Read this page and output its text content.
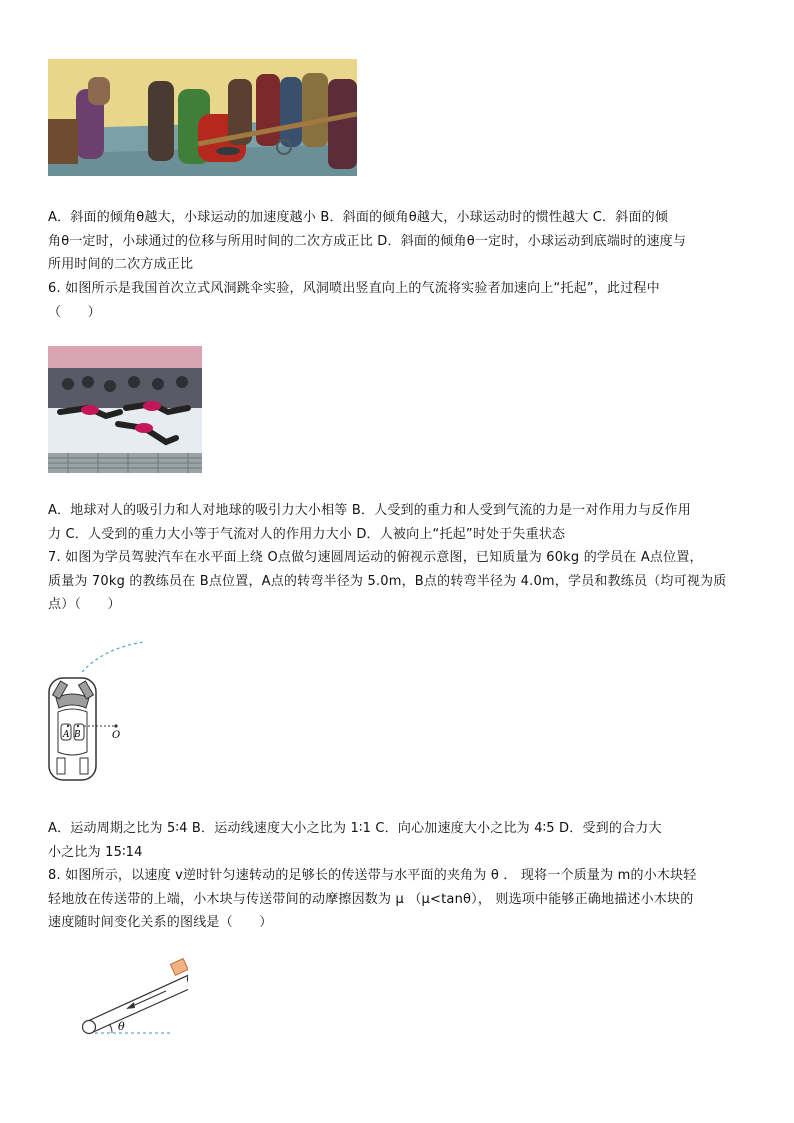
A．斜面的倾角θ越大，小球运动的加速度越小 B．斜面的倾角θ越大，小球运动时的惯性越大 C．斜面的倾
角θ一定时，小球通过的位移与所用时间的二次方成正比 D．斜面的倾角θ一定时，小球运动到底端时的速度与
所用时间的二次方成正比
6. 如图所示是我国首次立式风洞跳伞实验，风洞喷出竖直向上的气流将实验者加速向上“托起”，此过程中
（　　）
A．地球对人的吸引力和人对地球的吸引力大小相等 B．人受到的重力和人受到气流的力是一对作用力与反作用
力 C．人受到的重力大小等于气流对人的作用力大小 D．人被向上“托起”时处于失重状态
7. 如图为学员驾驶汽车在水平面上绕 O点做匀速圆周运动的俯视示意图，已知质量为 60kg 的学员在 A点位置，
质量为 70kg 的教练员在 B点位置，A点的转弯半径为 5.0m，B点的转弯半径为 4.0m，学员和教练员（均可视为质
点）（　　）
A B	O
A．运动周期之比为 5∶4 B．运动线速度大小之比为 1∶1 C．向心加速度大小之比为 4∶5 D．受到的合力大
小之比为 15∶14
8. 如图所示，以速度 v逆时针匀速转动的足够长的传送带与水平面的夹角为 θ ． 现将一个质量为 m的小木块轻
轻地放在传送带的上端，小木块与传送带间的动摩擦因数为 μ （μ<tanθ）， 则选项中能够正确地描述小木块的
速度随时间变化关系的图线是（　　）
θ
